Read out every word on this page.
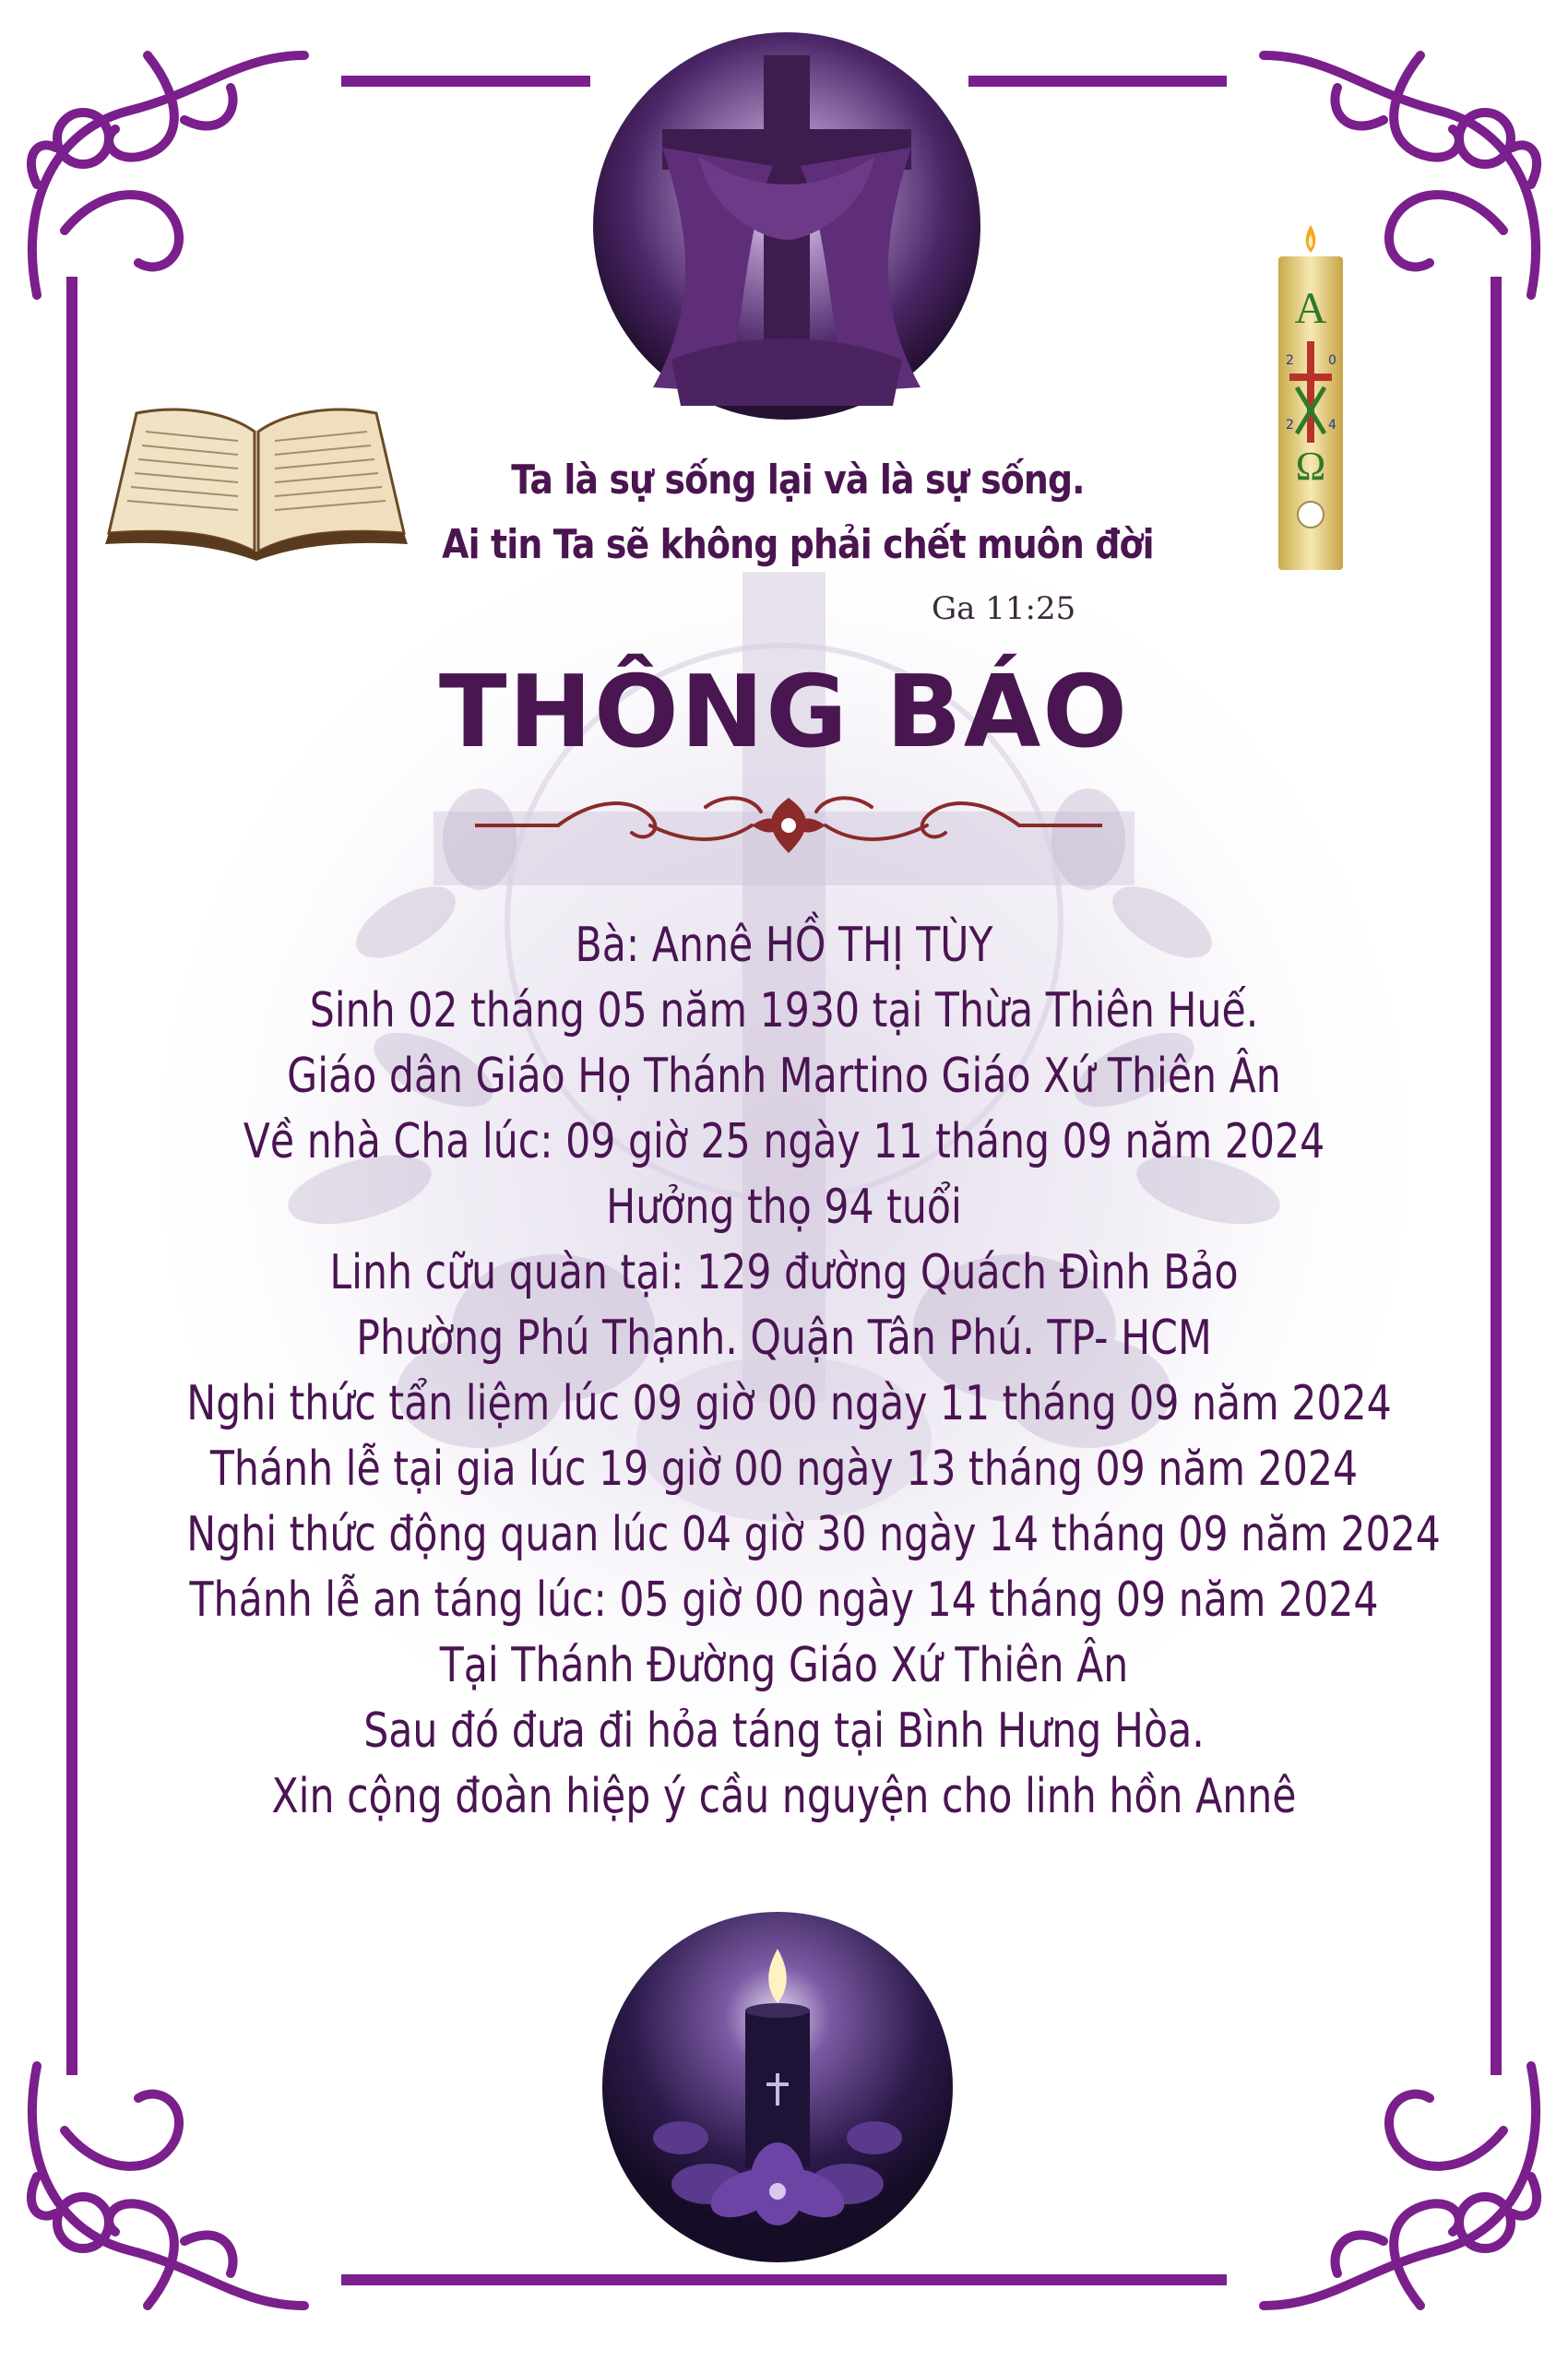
A
2	0
2	4
Ω
Ta là sự sống lại và là sự sống.
Ai tin Ta sẽ không phải chết muôn đời
Ga 11:25
THÔNG BÁO
Bà: Annê HỒ THỊ TÙY
Sinh 02 tháng 05 năm 1930 tại Thừa Thiên Huế.
Giáo dân Giáo Họ Thánh Martino Giáo Xứ Thiên Ân
Về nhà Cha lúc: 09 giờ 25 ngày 11 tháng 09 năm 2024
Hưởng thọ 94 tuổi
Linh cữu quàn tại: 129 đường Quách Đình Bảo
Phường Phú Thạnh. Quận Tân Phú. TP- HCM
Nghi thức tẩn liệm lúc 09 giờ 00 ngày 11 tháng 09 năm 2024
Thánh lễ tại gia lúc 19 giờ 00 ngày 13 tháng 09 năm 2024
Nghi thức động quan lúc 04 giờ 30 ngày 14 tháng 09 năm 2024
Thánh lễ an táng lúc: 05 giờ 00 ngày 14 tháng 09 năm 2024
Tại Thánh Đường Giáo Xứ Thiên Ân
Sau đó đưa đi hỏa táng tại Bình Hưng Hòa.
Xin cộng đoàn hiệp ý cầu nguyện cho linh hồn Annê
